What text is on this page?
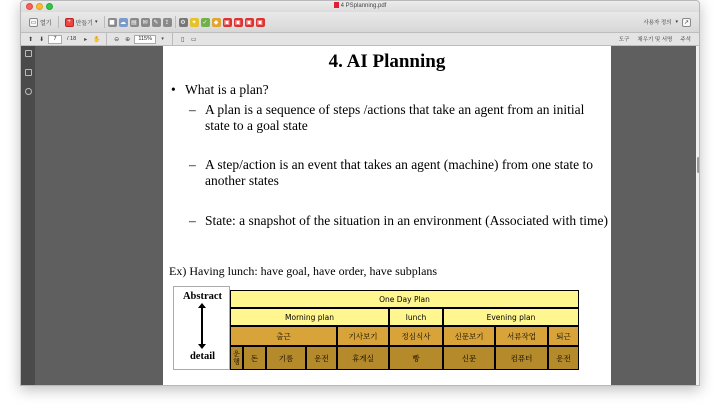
4 PSplanning.pdf
▭ 열기	+ 만들기 ▾ ■ ☁ ▤ ✉ ✎ ⇪	⚙ ✦ ✓	◆ ▣ ▣ ▣ ▣	사용자 정의 ▾ ↗
⬆ ⬇	7	/ 18	▸ ✋	⊖ ⊕	115%	▾	▯	▭	도구 채우기 및 서명 주석
4. AI Planning
• What is a plan?
– A plan is a sequence of steps /actions that take an agent from an initial state to a goal state
– A step/action is an event that takes an agent (machine) from one state to another states
– State: a snapshot of the situation in an environment (Associated with time)
Ex) Having lunch: have goal, have order, have subplans
Abstract
detail
One Day Plan
Morning plan	lunch	Evening plan
출근	기사보기	정심식사	신문보기	서류작업	퇴근
운행	돈	기름	운전	휴게실	빵	신문	컴퓨터	운전
